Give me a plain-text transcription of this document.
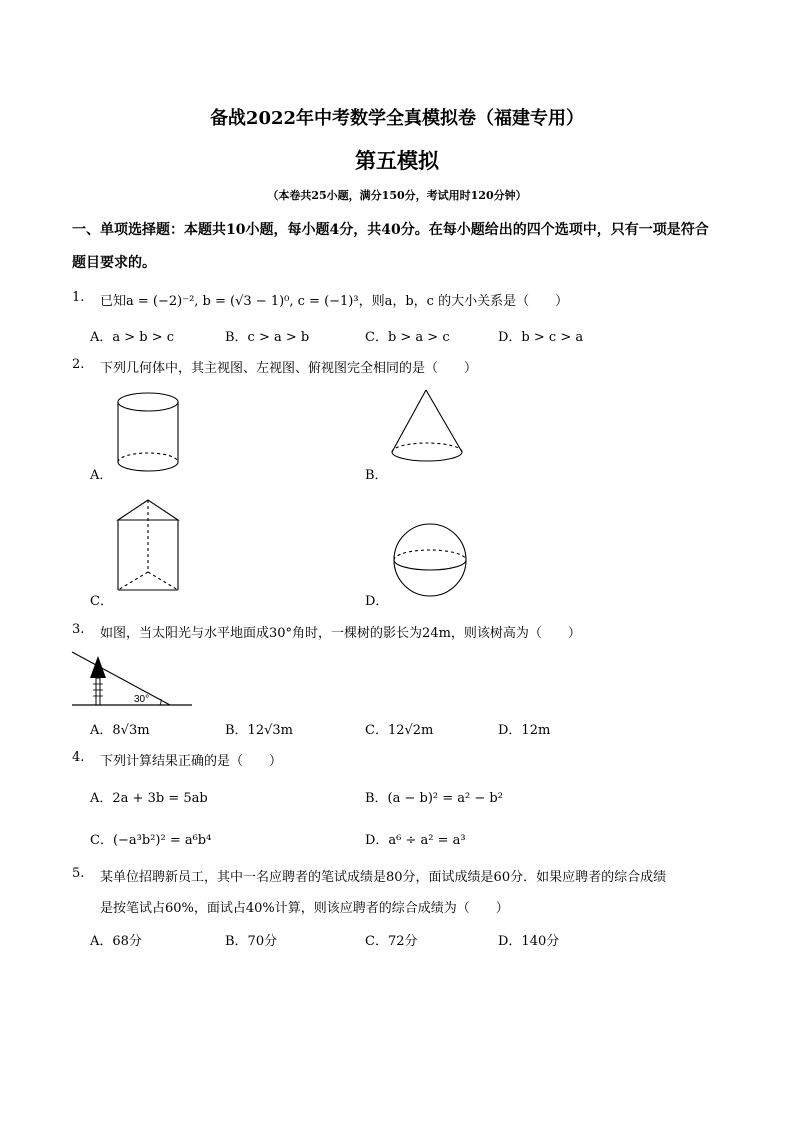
备战2022年中考数学全真模拟卷（福建专用）
第五模拟
（本卷共25小题，满分150分，考试用时120分钟）
一、单项选择题：本题共10小题，每小题4分，共40分。在每小题给出的四个选项中，只有一项是符合
题目要求的。
1. 已知a = (−2)⁻², b = (√3 − 1)⁰, c = (−1)³，则a，b，c 的大小关系是（　　）
A．a > b > c	B．c > a > b	C．b > a > c	D．b > c > a
2. 下列几何体中，其主视图、左视图、俯视图完全相同的是（　　）
A．	B．
C．	D．
3. 如图，当太阳光与水平地面成30°角时，一棵树的影长为24m，则该树高为（　　）
30°
A．8√3m	B．12√3m	C．12√2m	D．12m
4. 下列计算结果正确的是（　　）
A．2a + 3b = 5ab	B．(a − b)² = a² − b²
C．(−a³b²)² = a⁶b⁴	D．a⁶ ÷ a² = a³
5. 某单位招聘新员工，其中一名应聘者的笔试成绩是80分，面试成绩是60分．如果应聘者的综合成绩
是按笔试占60%，面试占40%计算，则该应聘者的综合成绩为（　　）
A．68分	B．70分	C．72分	D．140分
